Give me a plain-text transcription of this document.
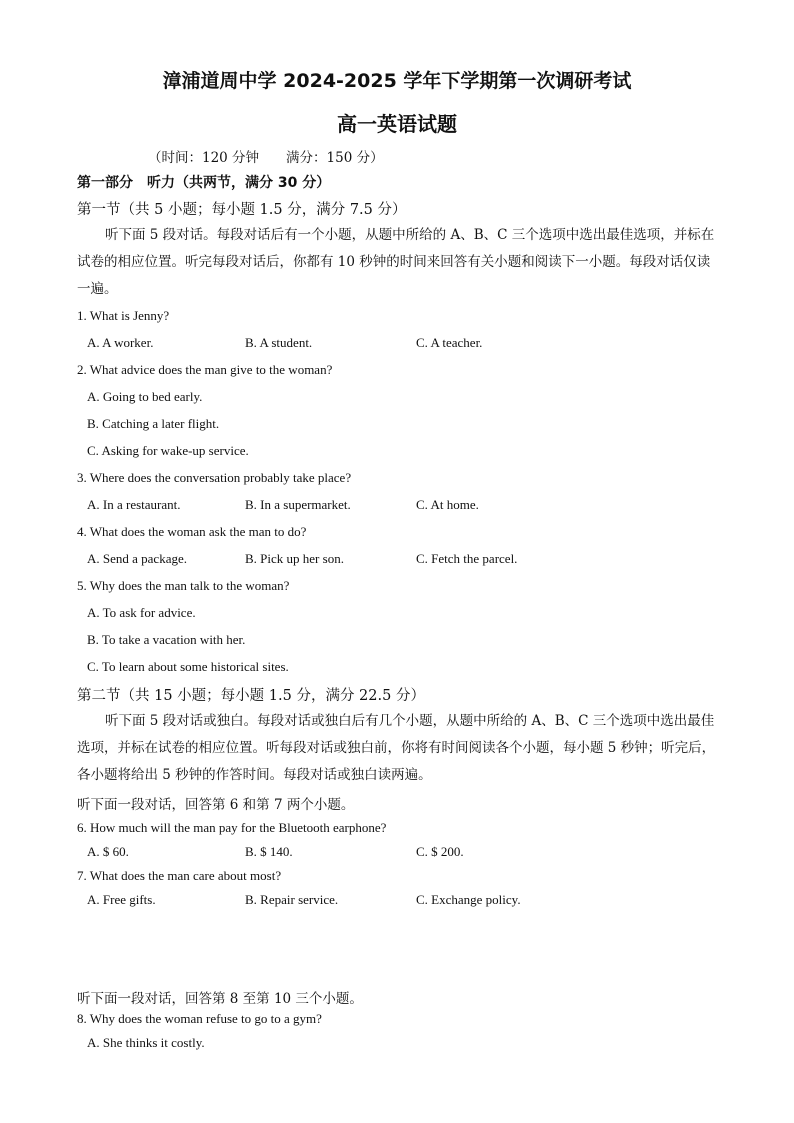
漳浦道周中学 2024-2025 学年下学期第一次调研考试
高一英语试题
（时间：120 分钟　　满分：150 分）
第一部分　听力（共两节，满分 30 分）
第一节（共 5 小题；每小题 1.5 分，满分 7.5 分）
听下面 5 段对话。每段对话后有一个小题，从题中所给的 A、B、C 三个选项中选出最佳选项，并标在试卷的相应位置。听完每段对话后，你都有 10 秒钟的时间来回答有关小题和阅读下一小题。每段对话仅读一遍。
1. What is Jenny?
A. A worker.	B. A student.	C. A teacher.
2. What advice does the man give to the woman?
A. Going to bed early.
B. Catching a later flight.
C. Asking for wake-up service.
3. Where does the conversation probably take place?
A. In a restaurant.	B. In a supermarket.	C. At home.
4. What does the woman ask the man to do?
A. Send a package.	B. Pick up her son.	C. Fetch the parcel.
5. Why does the man talk to the woman?
A. To ask for advice.
B. To take a vacation with her.
C. To learn about some historical sites.
第二节（共 15 小题；每小题 1.5 分，满分 22.5 分）
听下面 5 段对话或独白。每段对话或独白后有几个小题，从题中所给的 A、B、C 三个选项中选出最佳选项，并标在试卷的相应位置。听每段对话或独白前，你将有时间阅读各个小题，每小题 5 秒钟；听完后，各小题将给出 5 秒钟的作答时间。每段对话或独白读两遍。
听下面一段对话，回答第 6 和第 7 两个小题。
6. How much will the man pay for the Bluetooth earphone?
A. $ 60.	B. $ 140.	C. $ 200.
7. What does the man care about most?
A. Free gifts.	B. Repair service.	C. Exchange policy.
听下面一段对话，回答第 8 至第 10 三个小题。
8. Why does the woman refuse to go to a gym?
A. She thinks it costly.
